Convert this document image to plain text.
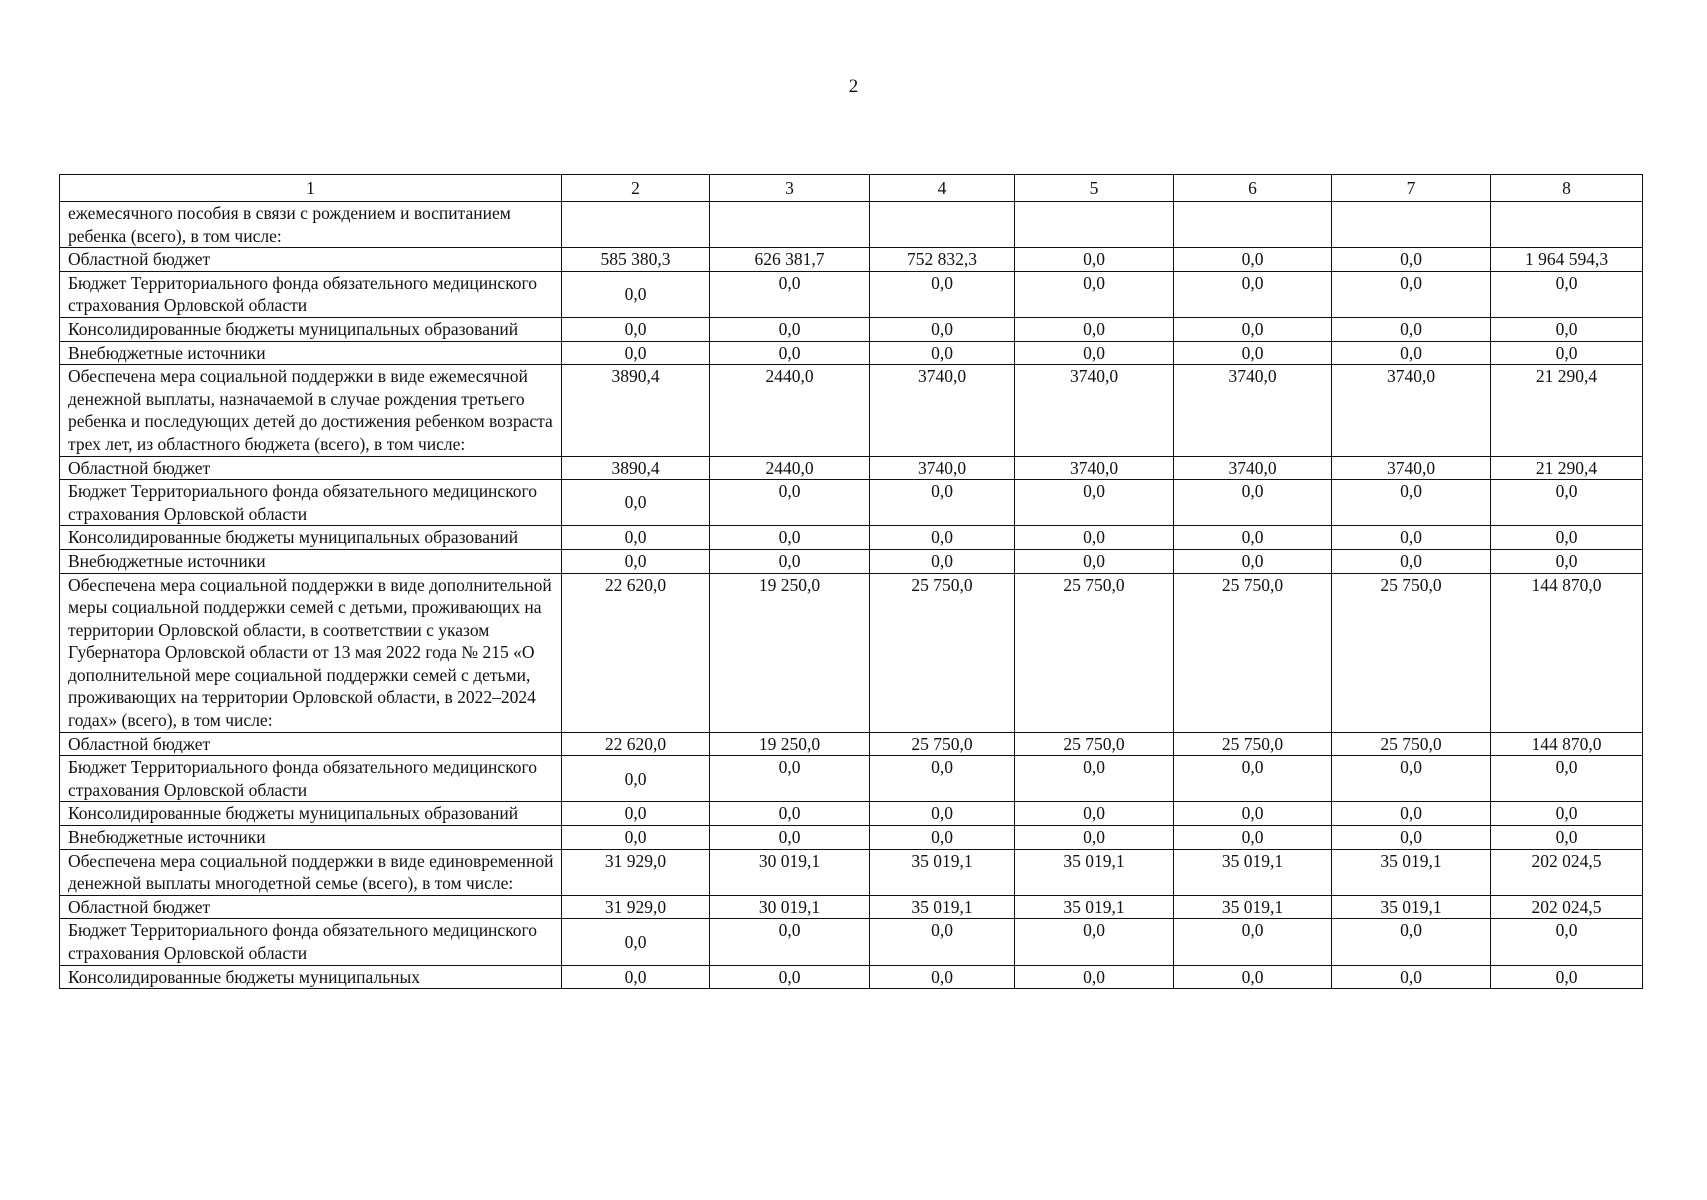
2
1	2	3	4	5	6	7	8
ежемесячного пособия в связи с рождением и воспитанием ребенка (всего), в том числе:							
Областной бюджет	585 380,3	626 381,7	752 832,3	0,0	0,0	0,0	1 964 594,3
Бюджет Территориального фонда обязательного медицинского страхования Орловской области	0,0	0,0	0,0	0,0	0,0	0,0	0,0
Консолидированные бюджеты муниципальных образований	0,0	0,0	0,0	0,0	0,0	0,0	0,0
Внебюджетные источники	0,0	0,0	0,0	0,0	0,0	0,0	0,0
Обеспечена мера социальной поддержки в виде ежемесячной денежной выплаты, назначаемой в случае рождения третьего ребенка и последующих детей до достижения ребенком возраста трех лет, из областного бюджета (всего), в том числе:	3890,4	2440,0	3740,0	3740,0	3740,0	3740,0	21 290,4
Областной бюджет	3890,4	2440,0	3740,0	3740,0	3740,0	3740,0	21 290,4
Бюджет Территориального фонда обязательного медицинского страхования Орловской области	0,0	0,0	0,0	0,0	0,0	0,0	0,0
Консолидированные бюджеты муниципальных образований	0,0	0,0	0,0	0,0	0,0	0,0	0,0
Внебюджетные источники	0,0	0,0	0,0	0,0	0,0	0,0	0,0
Обеспечена мера социальной поддержки в виде дополнительной меры социальной поддержки семей с детьми, проживающих на территории Орловской области, в соответствии с указом Губернатора Орловской области от 13 мая 2022 года № 215 «О дополнительной мере социальной поддержки семей с детьми, проживающих на территории Орловской области, в 2022–2024 годах» (всего), в том числе:	22 620,0	19 250,0	25 750,0	25 750,0	25 750,0	25 750,0	144 870,0
Областной бюджет	22 620,0	19 250,0	25 750,0	25 750,0	25 750,0	25 750,0	144 870,0
Бюджет Территориального фонда обязательного медицинского страхования Орловской области	0,0	0,0	0,0	0,0	0,0	0,0	0,0
Консолидированные бюджеты муниципальных образований	0,0	0,0	0,0	0,0	0,0	0,0	0,0
Внебюджетные источники	0,0	0,0	0,0	0,0	0,0	0,0	0,0
Обеспечена мера социальной поддержки в виде единовременной денежной выплаты многодетной семье (всего), в том числе:	31 929,0	30 019,1	35 019,1	35 019,1	35 019,1	35 019,1	202 024,5
Областной бюджет	31 929,0	30 019,1	35 019,1	35 019,1	35 019,1	35 019,1	202 024,5
Бюджет Территориального фонда обязательного медицинского страхования Орловской области	0,0	0,0	0,0	0,0	0,0	0,0	0,0
Консолидированные бюджеты муниципальных	0,0	0,0	0,0	0,0	0,0	0,0	0,0
